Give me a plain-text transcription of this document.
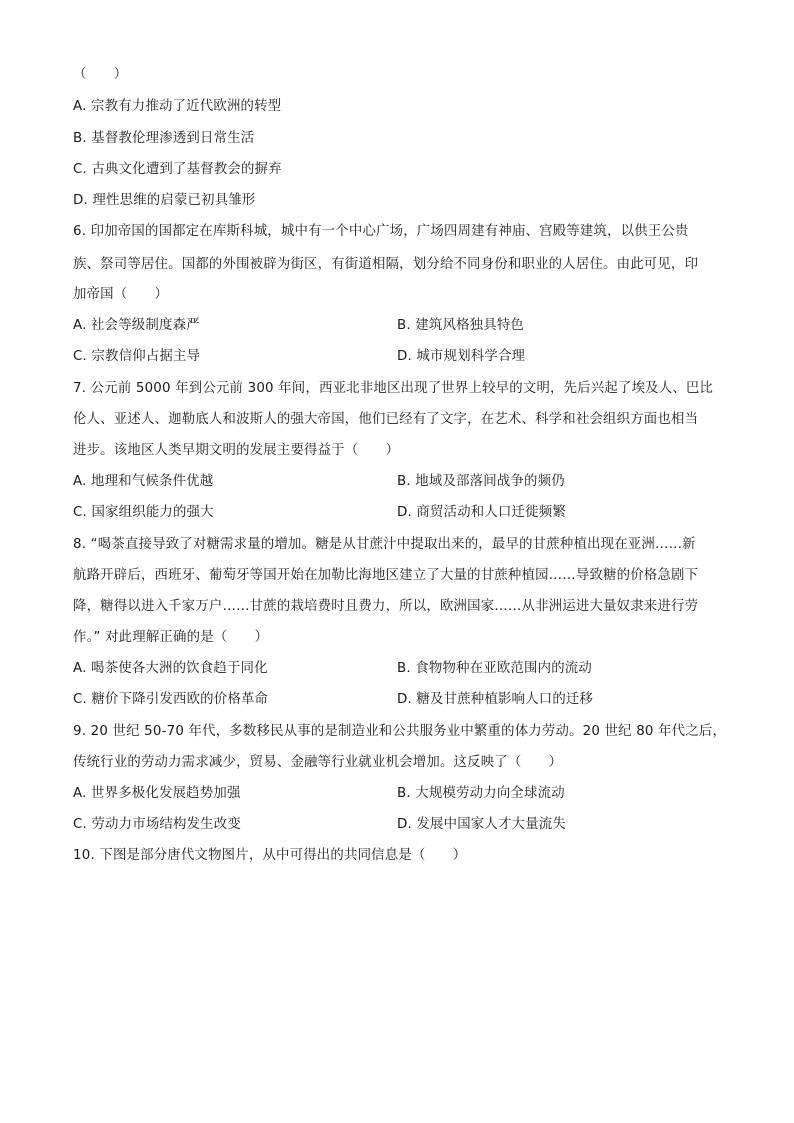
（　　）
A. 宗教有力推动了近代欧洲的转型
B. 基督教伦理渗透到日常生活
C. 古典文化遭到了基督教会的摒弃
D. 理性思维的启蒙已初具雏形
6. 印加帝国的国都定在库斯科城，城中有一个中心广场，广场四周建有神庙、宫殿等建筑，以供王公贵
族、祭司等居住。国都的外围被辟为街区，有街道相隔，划分给不同身份和职业的人居住。由此可见，印
加帝国（　　）
A. 社会等级制度森严	B. 建筑风格独具特色
C. 宗教信仰占据主导	D. 城市规划科学合理
7. 公元前 5000 年到公元前 300 年间，西亚北非地区出现了世界上较早的文明，先后兴起了埃及人、巴比
伦人、亚述人、迦勒底人和波斯人的强大帝国，他们已经有了文字，在艺术、科学和社会组织方面也相当
进步。该地区人类早期文明的发展主要得益于（　　）
A. 地理和气候条件优越	B. 地域及部落间战争的频仍
C. 国家组织能力的强大	D. 商贸活动和人口迁徙频繁
8. “喝茶直接导致了对糖需求量的增加。糖是从甘蔗汁中提取出来的，最早的甘蔗种植出现在亚洲……新
航路开辟后，西班牙、葡萄牙等国开始在加勒比海地区建立了大量的甘蔗种植园……导致糖的价格急剧下
降，糖得以进入千家万户……甘蔗的栽培费时且费力，所以，欧洲国家……从非洲运进大量奴隶来进行劳
作。” 对此理解正确的是（　　）
A. 喝茶使各大洲的饮食趋于同化	B. 食物物种在亚欧范围内的流动
C. 糖价下降引发西欧的价格革命	D. 糖及甘蔗种植影响人口的迁移
9. 20 世纪 50-70 年代，多数移民从事的是制造业和公共服务业中繁重的体力劳动。20 世纪 80 年代之后，
传统行业的劳动力需求减少，贸易、金融等行业就业机会增加。这反映了（　　）
A. 世界多极化发展趋势加强	B. 大规模劳动力向全球流动
C. 劳动力市场结构发生改变	D. 发展中国家人才大量流失
10. 下图是部分唐代文物图片，从中可得出的共同信息是（　　）
